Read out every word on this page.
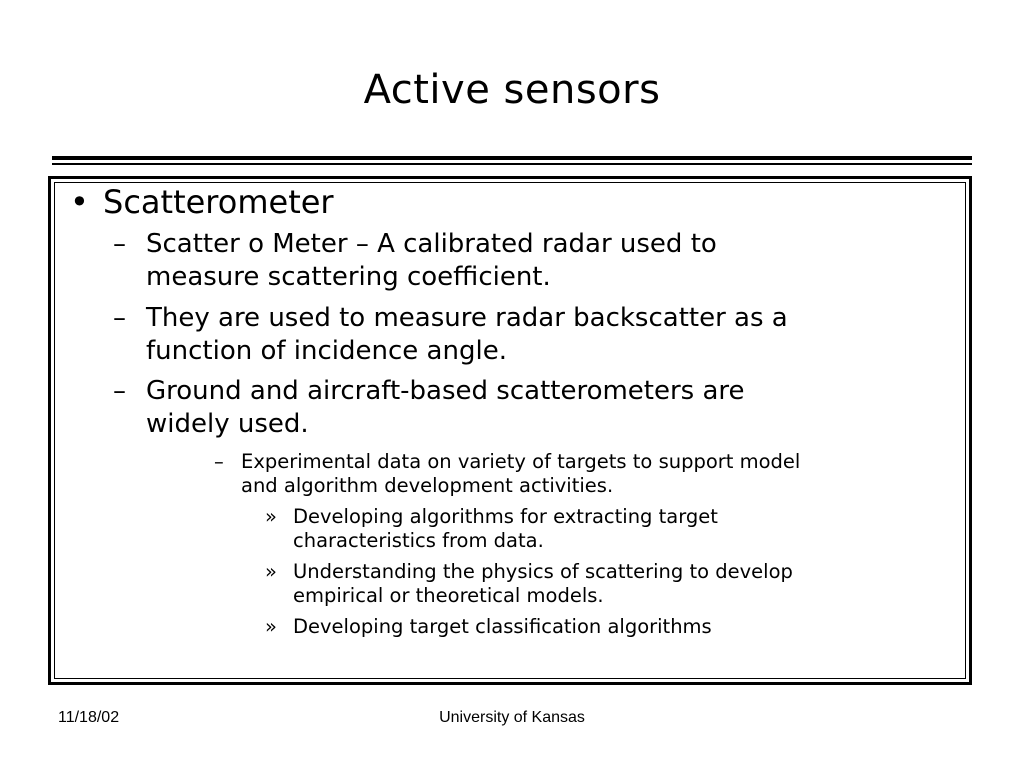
Active sensors
• Scatterometer
– Scatter o Meter – A calibrated radar used to
measure scattering coefficient.
– They are used to measure radar backscatter as a
function of incidence angle.
– Ground and aircraft-based scatterometers are
widely used.
– Experimental data on variety of targets to support model
and algorithm development activities.
» Developing algorithms for extracting target
characteristics from data.
» Understanding the physics of scattering to develop
empirical or theoretical models.
» Developing target classification algorithms
11/18/02	University of Kansas
